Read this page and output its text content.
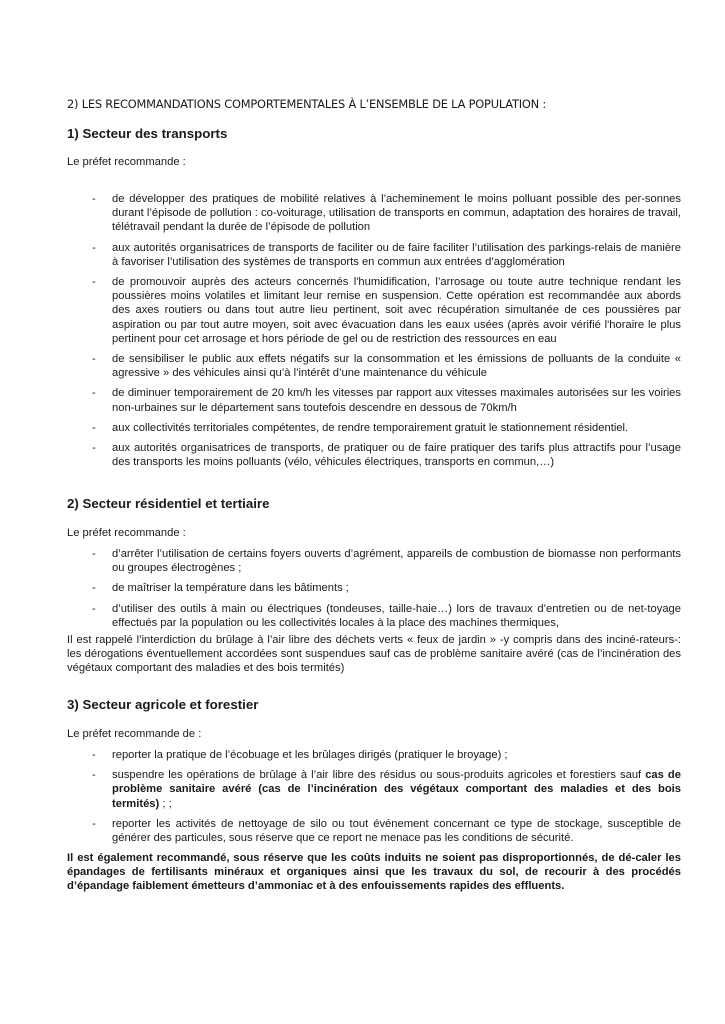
2) LES RECOMMANDATIONS COMPORTEMENTALES À L’ENSEMBLE DE LA POPULATION :
1) Secteur des transports

Le préfet recommande :

- de développer des pratiques de mobilité relatives à l’acheminement le moins polluant possible des per-sonnes durant l’épisode de pollution : co-voiturage, utilisation de transports en commun, adaptation des horaires de travail, télétravail pendant la durée de l’épisode de pollution
- aux autorités organisatrices de transports de faciliter ou de faire faciliter l’utilisation des parkings-relais de manière à favoriser l’utilisation des systèmes de transports en commun aux entrées d’agglomération
- de promouvoir auprès des acteurs concernés l'humidification, l’arrosage ou toute autre technique rendant les poussières moins volatiles et limitant leur remise en suspension. Cette opération est recommandée aux abords des axes routiers ou dans tout autre lieu pertinent, soit avec récupération simultanée de ces poussières par aspiration ou par tout autre moyen, soit avec évacuation dans les eaux usées (après avoir vérifié l'horaire le plus pertinent pour cet arrosage et hors période de gel ou de restriction des ressources en eau
- de sensibiliser le public aux effets négatifs sur la consommation et les émissions de polluants de la conduite « agressive » des véhicules ainsi qu’à l’intérêt d’une maintenance du véhicule
- de diminuer temporairement de 20 km/h les vitesses par rapport aux vitesses maximales autorisées sur les voiries non-urbaines sur le département sans toutefois descendre en dessous de 70km/h
- aux collectivités territoriales compétentes, de rendre temporairement gratuit le stationnement résidentiel.
- aux autorités organisatrices de transports, de pratiquer ou de faire pratiquer des tarifs plus attractifs pour l’usage des transports les moins polluants (vélo, véhicules électriques, transports en commun,…)
2) Secteur résidentiel et tertiaire

Le préfet recommande :

- d’arrêter l’utilisation de certains foyers ouverts d’agrément, appareils de combustion de biomasse non performants ou groupes électrogènes ;
- de maîtriser la température dans les bâtiments ;
- d’utiliser des outils à main ou électriques (tondeuses, taille-haie…) lors de travaux d’entretien ou de net-toyage effectués par la population ou les collectivités locales à la place des machines thermiques,

Il est rappelé l’interdiction du brûlage à l’air libre des déchets verts « feux de jardin » -y compris dans des inciné-rateurs-: les dérogations éventuellement accordées sont suspendues sauf cas de problème sanitaire avéré (cas de l’incinération des végétaux comportant des maladies et des bois termités)

3) Secteur agricole et forestier

Le préfet recommande de :

- reporter la pratique de l’écobuage et les brûlages dirigés (pratiquer le broyage) ;
- suspendre les opérations de brûlage à l’air libre des résidus ou sous-produits agricoles et forestiers sauf cas de problème sanitaire avéré (cas de l’incinération des végétaux comportant des maladies et des bois termités) ; ;
- reporter les activités de nettoyage de silo ou tout événement concernant ce type de stockage, susceptible de générer des particules, sous réserve que ce report ne menace pas les conditions de sécurité.

Il est également recommandé, sous réserve que les coûts induits ne soient pas disproportionnés, de dé-caler les épandages de fertilisants minéraux et organiques ainsi que les travaux du sol, de recourir à des procédés d’épandage faiblement émetteurs d’ammoniac et à des enfouissements rapides des effluents.
